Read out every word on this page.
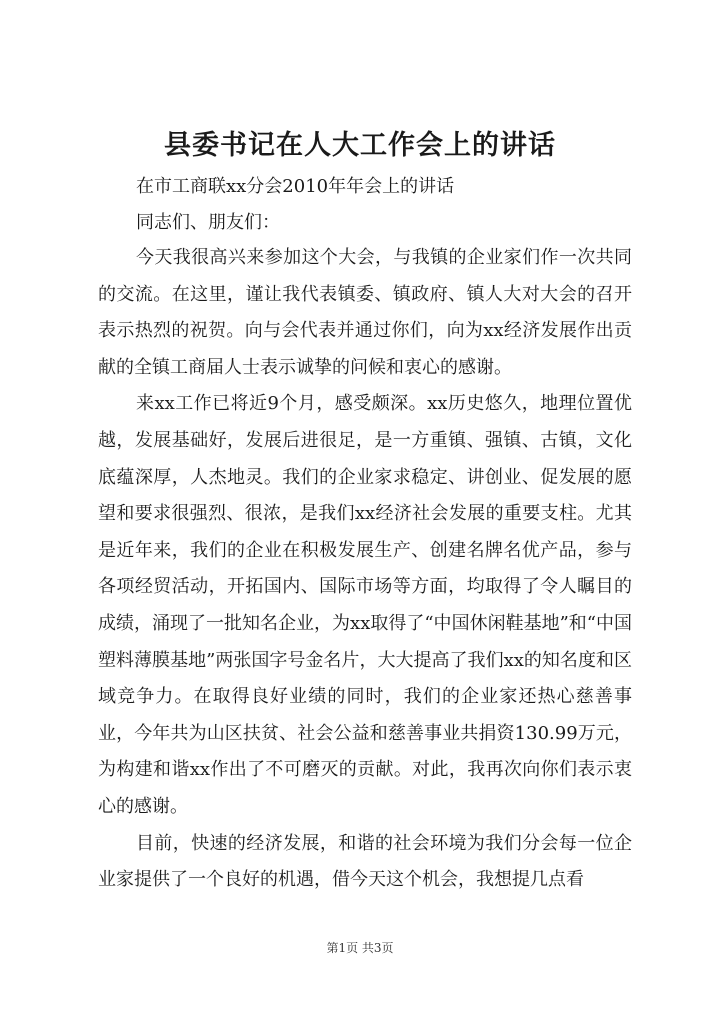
县委书记在人大工作会上的讲话
在市工商联xx分会2010年年会上的讲话
同志们、朋友们：

今天我很高兴来参加这个大会，与我镇的企业家们作一次共同的交流。在这里，谨让我代表镇委、镇政府、镇人大对大会的召开表示热烈的祝贺。向与会代表并通过你们，向为xx经济发展作出贡献的全镇工商届人士表示诚挚的问候和衷心的感谢。

来xx工作已将近9个月，感受颇深。xx历史悠久，地理位置优越，发展基础好，发展后进很足，是一方重镇、强镇、古镇，文化底蕴深厚，人杰地灵。我们的企业家求稳定、讲创业、促发展的愿望和要求很强烈、很浓，是我们xx经济社会发展的重要支柱。尤其是近年来，我们的企业在积极发展生产、创建名牌名优产品，参与各项经贸活动，开拓国内、国际市场等方面，均取得了令人瞩目的成绩，涌现了一批知名企业，为xx取得了“中国休闲鞋基地”和“中国塑料薄膜基地”两张国字号金名片，大大提高了我们xx的知名度和区域竞争力。在取得良好业绩的同时，我们的企业家还热心慈善事业，今年共为山区扶贫、社会公益和慈善事业共捐资130.99万元，为构建和谐xx作出了不可磨灭的贡献。对此，我再次向你们表示衷心的感谢。

目前，快速的经济发展，和谐的社会环境为我们分会每一位企业家提供了一个良好的机遇，借今天这个机会，我想提几点看

第1页 共3页
